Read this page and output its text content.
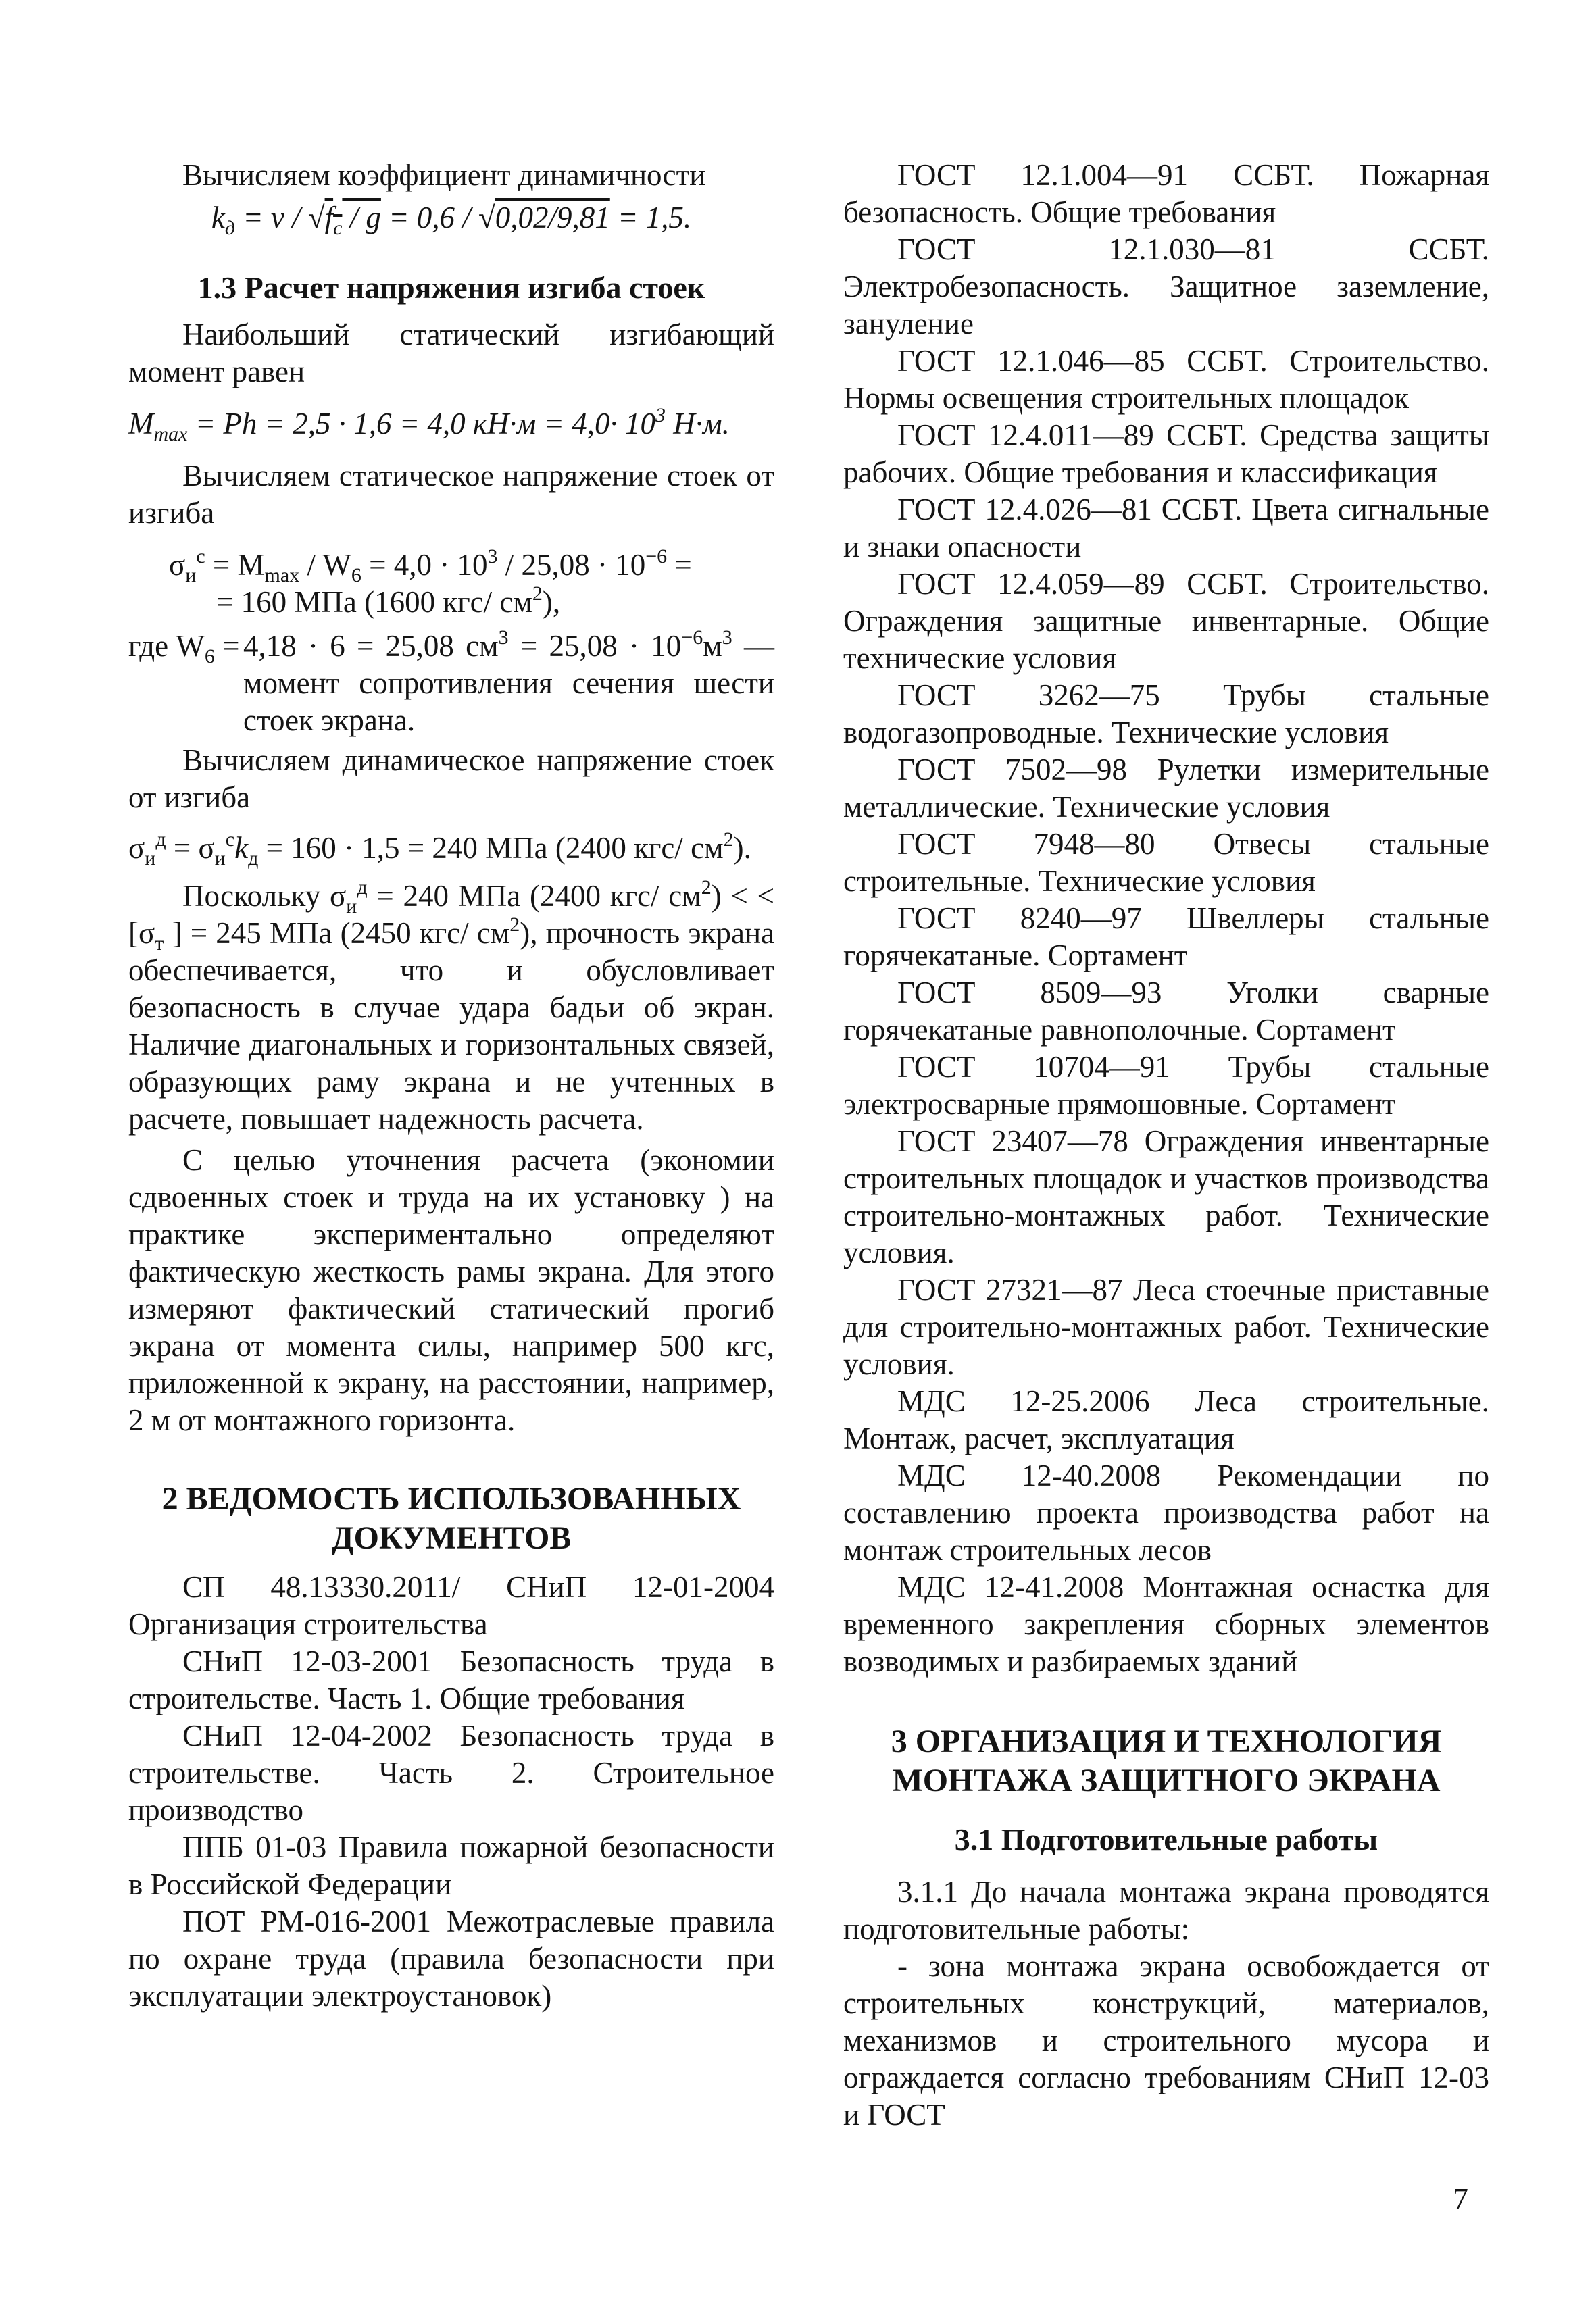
Вычисляем коэффициент динамичности

$k_д = v / √f_с / g = 0,6 / √0,02/9,81 = 1,5$.
1.3 Расчет напряжения изгиба стоек

Наибольший статический изгибающий момент равен

$M_{max} = Ph = 2,5 \cdot 1,6 = 4,0$ $кН\cdot м = 4,0\cdot 10^3$ Н·м.

Вычисляем статическое напряжение стоек от изгиба

$\sigma_и^с = M_{max} / W_6 = 4,0 \cdot 10^3 / 25,08 \cdot 10^{-6}$ =
= 160 МПа (1600 кгс/ $см^2$),
где $W_6 = 4,18 \cdot 6 = 25,08$ $см^3 = 25,08 \cdot 10^{-6}м^3$ — момент сопротивления сечения шести стоек экрана.

Вычисляем динамическое напряжение стоек от изгиба

$\sigma_и^д = \sigma_и^сk_д = 160 \cdot 1,5 = 240$ МПа (2400 кгс/ $см^2$).

Поскольку $\sigma_и^д = 240$ МПа (2400 кгс/ $см^2$) < < [$\sigma_т$ ] = 245 МПа (2450 кгс/ $см^2$), прочность экрана обеспечивается, что и обусловливает безопасность в случае удара бадьи об экран. Наличие диагональных и горизонтальных связей, образующих раму экрана и не учтенных в расчете, повышает надежность расчета.

С целью уточнения расчета (экономии сдвоенных стоек и труда на их установку ) на практике экспериментально определяют фактическую жесткость рамы экрана. Для этого измеряют фактический статический прогиб экрана от момента силы, например 500 кгс, приложенной к экрану, на расстоянии, например, 2 м от монтажного горизонта.

2 ВЕДОМОСТЬ ИСПОЛЬЗОВАННЫХ
ДОКУМЕНТОВ

СП 48.13330.2011/ СНиП 12-01-2004 Организация строительства

СНиП 12-03-2001 Безопасность труда в строительстве. Часть 1. Общие требования

СНиП 12-04-2002 Безопасность труда в строительстве. Часть 2. Строительное производство

ППБ 01-03 Правила пожарной безопасности в Российской Федерации

ПОТ РМ-016-2001 Межотраслевые правила по охране труда (правила безопасности при эксплуатации электроустановок)

ГОСТ 12.1.004—91 ССБТ. Пожарная безопасность. Общие требования

ГОСТ 12.1.030—81 ССБТ. Электробезопасность. Защитное заземление, зануление

ГОСТ 12.1.046—85 ССБТ. Строительство. Нормы освещения строительных площадок

ГОСТ 12.4.011—89 ССБТ. Средства защиты рабочих. Общие требования и классификация

ГОСТ 12.4.026—81 ССБТ. Цвета сигнальные и знаки опасности

ГОСТ 12.4.059—89 ССБТ. Строительство. Ограждения защитные инвентарные. Общие технические условия

ГОСТ 3262—75 Трубы стальные водогазопроводные. Технические условия

ГОСТ 7502—98 Рулетки измерительные металлические. Технические условия

ГОСТ 7948—80 Отвесы стальные строительные. Технические условия

ГОСТ 8240—97 Швеллеры стальные горячекатаные. Сортамент

ГОСТ 8509—93 Уголки сварные горячекатаные равнополочные. Сортамент

ГОСТ 10704—91 Трубы стальные электросварные прямошовные. Сортамент

ГОСТ 23407—78 Ограждения инвентарные строительных площадок и участков производства строительно-монтажных работ. Технические условия.

ГОСТ 27321—87 Леса стоечные приставные для строительно-монтажных работ. Технические условия.

МДС 12-25.2006 Леса строительные. Монтаж, расчет, эксплуатация

МДС 12-40.2008 Рекомендации по составлению проекта производства работ на монтаж строительных лесов

МДС 12-41.2008 Монтажная оснастка для временного закрепления сборных элементов возводимых и разбираемых зданий

3 ОРГАНИЗАЦИЯ И ТЕХНОЛОГИЯ
МОНТАЖА ЗАЩИТНОГО ЭКРАНА
3.1 Подготовительные работы

3.1.1 До начала монтажа экрана проводятся подготовительные работы:

- зона монтажа экрана освобождается от строительных конструкций, материалов, механизмов и строительного мусора и ограждается согласно требованиям СНиП 12-03 и ГОСТ

7
